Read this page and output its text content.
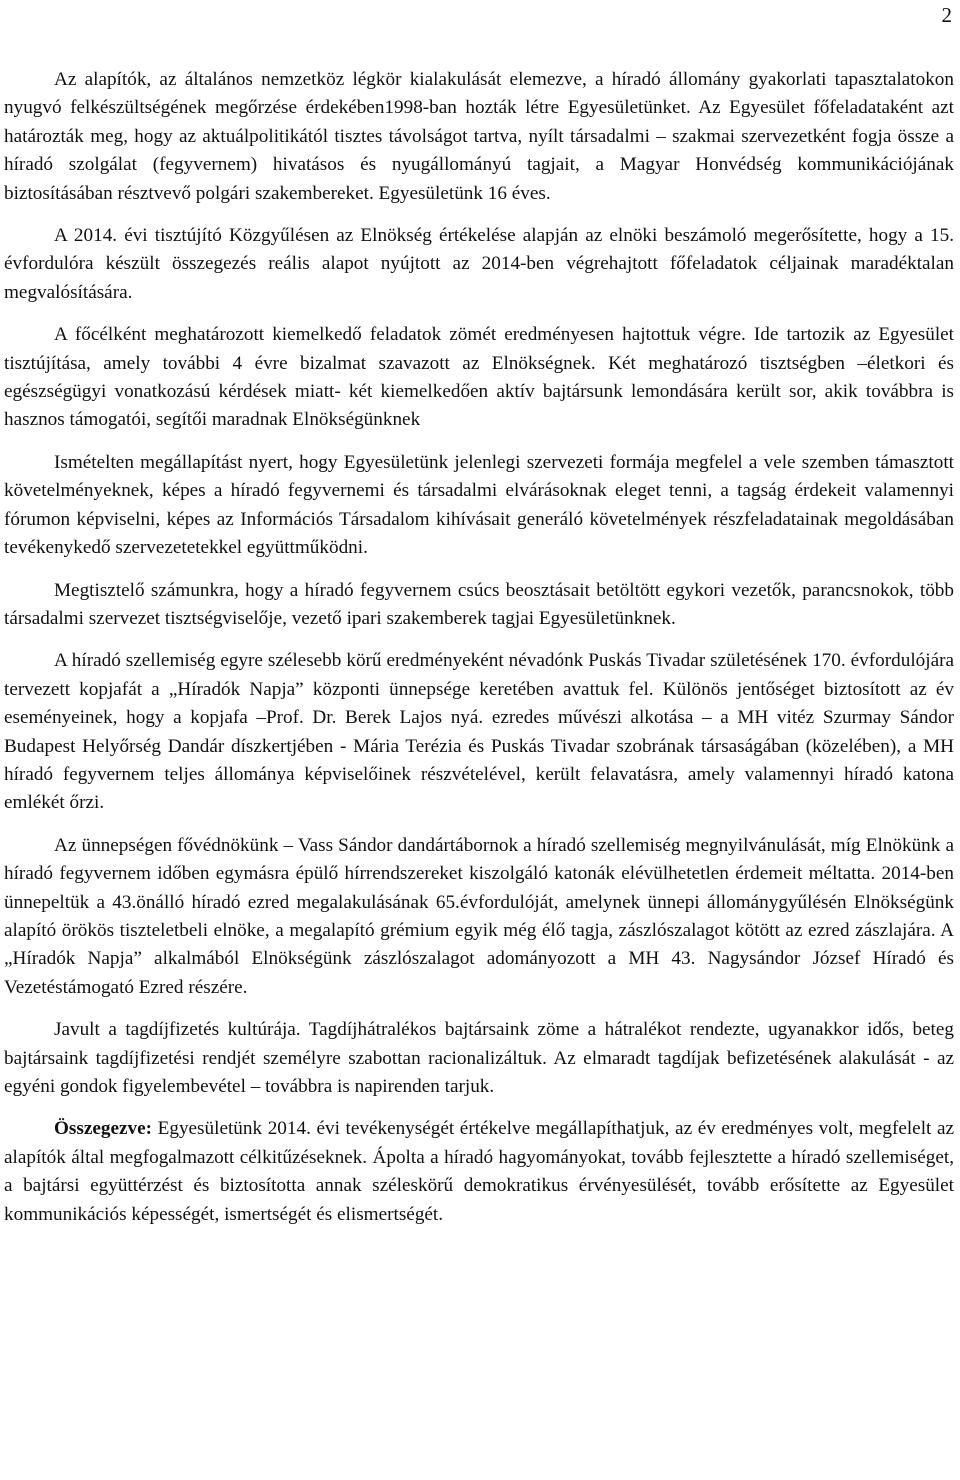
2

Az alapítók, az általános nemzetköz légkör kialakulását elemezve, a híradó állomány gyakorlati tapasztalatokon nyugvó felkészültségének megőrzése érdekében1998-ban hozták létre Egyesületünket. Az Egyesület főfeladataként azt határozták meg, hogy az aktuálpolitikától tisztes távolságot tartva, nyílt társadalmi – szakmai szervezetként fogja össze a híradó szolgálat (fegyvernem) hivatásos és nyugállományú tagjait, a Magyar Honvédség kommunikációjának biztosításában résztvevő polgári szakembereket. Egyesületünk 16 éves.

A 2014. évi tisztújító Közgyűlésen az Elnökség értékelése alapján az elnöki beszámoló megerősítette, hogy a 15. évfordulóra készült összegezés reális alapot nyújtott az 2014-ben végrehajtott főfeladatok céljainak maradéktalan megvalósítására.

A főcélként meghatározott kiemelkedő feladatok zömét eredményesen hajtottuk végre. Ide tartozik az Egyesület tisztújítása, amely további 4 évre bizalmat szavazott az Elnökségnek. Két meghatározó tisztségben –életkori és egészségügyi vonatkozású kérdések miatt- két kiemelkedően aktív bajtársunk lemondására került sor, akik továbbra is hasznos támogatói, segítői maradnak Elnökségünknek

Ismételten megállapítást nyert, hogy Egyesületünk jelenlegi szervezeti formája megfelel a vele szemben támasztott követelményeknek, képes a híradó fegyvernemi és társadalmi elvárásoknak eleget tenni, a tagság érdekeit valamennyi fórumon képviselni, képes az Információs Társadalom kihívásait generáló követelmények részfeladatainak megoldásában tevékenykedő szervezetetekkel együttműködni.

Megtisztelő számunkra, hogy a híradó fegyvernem csúcs beosztásait betöltött egykori vezetők, parancsnokok, több társadalmi szervezet tisztségviselője, vezető ipari szakemberek tagjai Egyesületünknek.

A híradó szellemiség egyre szélesebb körű eredményeként névadónk Puskás Tivadar születésének 170. évfordulójára tervezett kopjafát a „Híradók Napja” központi ünnepsége keretében avattuk fel. Különös jentőséget biztosított az év eseményeinek, hogy a kopjafa –Prof. Dr. Berek Lajos nyá. ezredes művészi alkotása – a MH vitéz Szurmay Sándor Budapest Helyőrség Dandár díszkertjében - Mária Terézia és Puskás Tivadar szobrának társaságában (közelében), a MH híradó fegyvernem teljes állománya képviselőinek részvételével, került felavatásra, amely valamennyi híradó katona emlékét őrzi.

Az ünnepségen fővédnökünk – Vass Sándor dandártábornok a híradó szellemiség megnyilvánulását, míg Elnökünk a híradó fegyvernem időben egymásra épülő hírrendszereket kiszolgáló katonák elévülhetetlen érdemeit méltatta. 2014-ben ünnepeltük a 43.önálló híradó ezred megalakulásának 65.évfordulóját, amelynek ünnepi állománygyűlésén Elnökségünk alapító örökös tiszteletbeli elnöke, a megalapító grémium egyik még élő tagja, zászlószalagot kötött az ezred zászlajára. A „Híradók Napja” alkalmából Elnökségünk zászlószalagot adományozott a MH 43. Nagysándor József Híradó és Vezetéstámogató Ezred részére.

Javult a tagdíjfizetés kultúrája. Tagdíjhátralékos bajtársaink zöme a hátralékot rendezte, ugyanakkor idős, beteg bajtársaink tagdíjfizetési rendjét személyre szabottan racionalizáltuk. Az elmaradt tagdíjak befizetésének alakulását - az egyéni gondok figyelembevétel – továbbra is napirenden tarjuk.

Összegezve: Egyesületünk 2014. évi tevékenységét értékelve megállapíthatjuk, az év eredményes volt, megfelelt az alapítók által megfogalmazott célkitűzéseknek. Ápolta a híradó hagyományokat, tovább fejlesztette a híradó szellemiséget, a bajtársi együttérzést és biztosította annak széleskörű demokratikus érvényesülését, tovább erősítette az Egyesület kommunikációs képességét, ismertségét és elismertségét.
